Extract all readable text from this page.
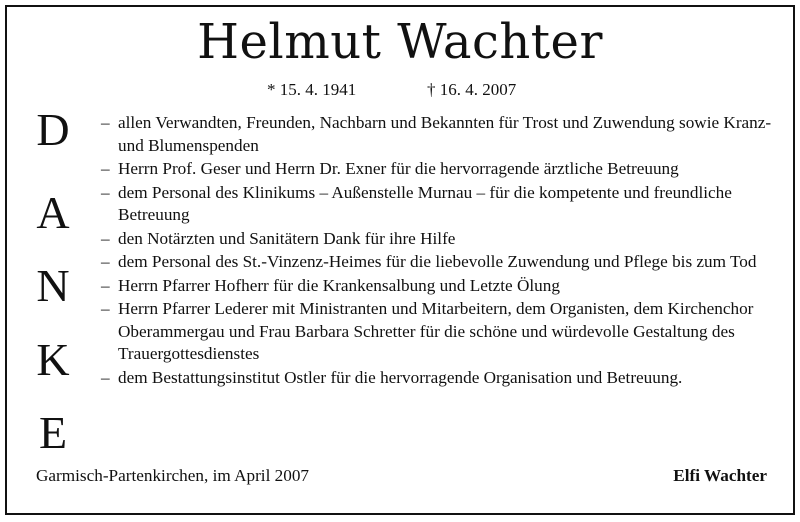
Helmut Wachter
* 15. 4. 1941	† 16. 4. 2007
D
A
N
K
E
– allen Verwandten, Freunden, Nachbarn und Bekannten für Trost und Zuwendung sowie Kranz- und Blumenspenden
– Herrn Prof. Geser und Herrn Dr. Exner für die hervorragende ärztliche Betreuung
– dem Personal des Klinikums – Außenstelle Murnau – für die kompetente und freundliche Betreuung
– den Notärzten und Sanitätern Dank für ihre Hilfe
– dem Personal des St.-Vinzenz-Heimes für die liebevolle Zuwendung und Pflege bis zum Tod
– Herrn Pfarrer Hofherr für die Krankensalbung und Letzte Ölung
– Herrn Pfarrer Lederer mit Ministranten und Mitarbeitern, dem Organisten, dem Kirchenchor Oberammergau und Frau Barbara Schretter für die schöne und würdevolle Gestaltung des Trauergottesdienstes
– dem Bestattungsinstitut Ostler für die hervorragende Organisation und Betreuung.
Garmisch-Partenkirchen, im April 2007	Elfi Wachter
